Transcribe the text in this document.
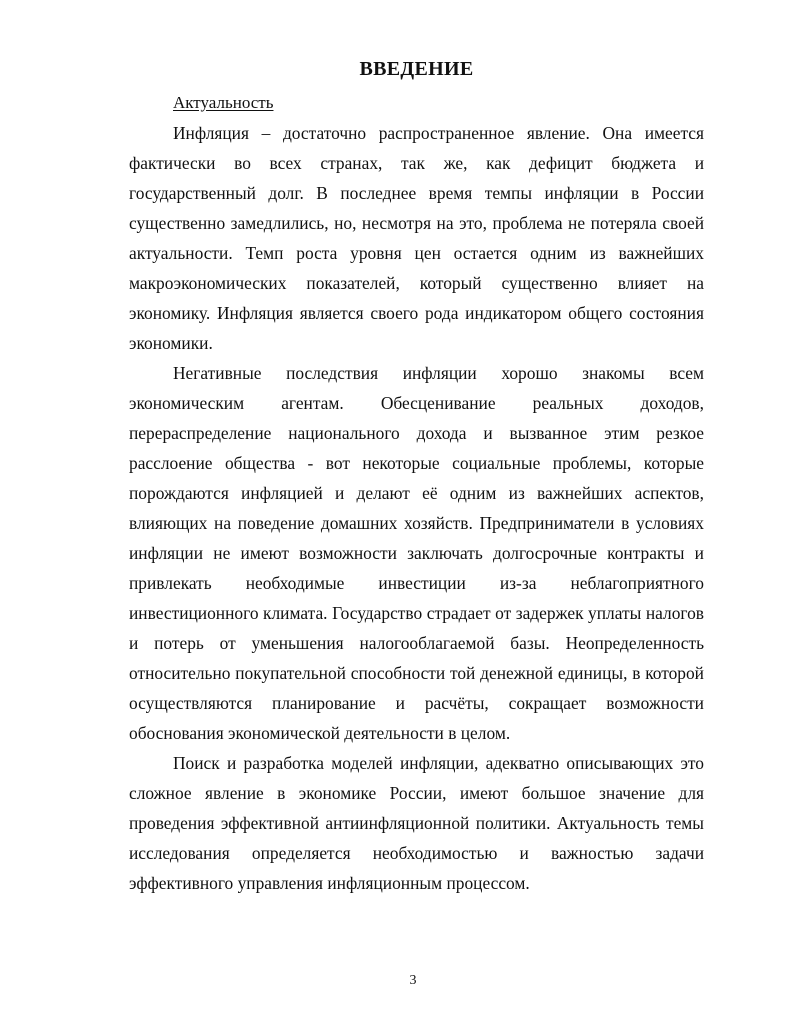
ВВЕДЕНИЕ
Актуальность

Инфляция – достаточно распространенное явление. Она имеется фактически во всех странах, так же, как дефицит бюджета и государственный долг. В последнее время темпы инфляции в России существенно замедлились, но, несмотря на это, проблема не потеряла своей актуальности. Темп роста уровня цен остается одним из важнейших макроэкономических показателей, который существенно влияет на экономику. Инфляция является своего рода индикатором общего состояния экономики.

Негативные последствия инфляции хорошо знакомы всем экономическим агентам. Обесценивание реальных доходов, перераспределение национального дохода и вызванное этим резкое расслоение общества - вот некоторые социальные проблемы, которые порождаются инфляцией и делают её одним из важнейших аспектов, влияющих на поведение домашних хозяйств. Предприниматели в условиях инфляции не имеют возможности заключать долгосрочные контракты и привлекать необходимые инвестиции из-за неблагоприятного инвестиционного климата. Государство страдает от задержек уплаты налогов и потерь от уменьшения налогооблагаемой базы. Неопределенность относительно покупательной способности той денежной единицы, в которой осуществляются планирование и расчёты, сокращает возможности обоснования экономической деятельности в целом.

Поиск и разработка моделей инфляции, адекватно описывающих это сложное явление в экономике России, имеют большое значение для проведения эффективной антиинфляционной политики. Актуальность темы исследования определяется необходимостью и важностью задачи эффективного управления инфляционным процессом.

3
